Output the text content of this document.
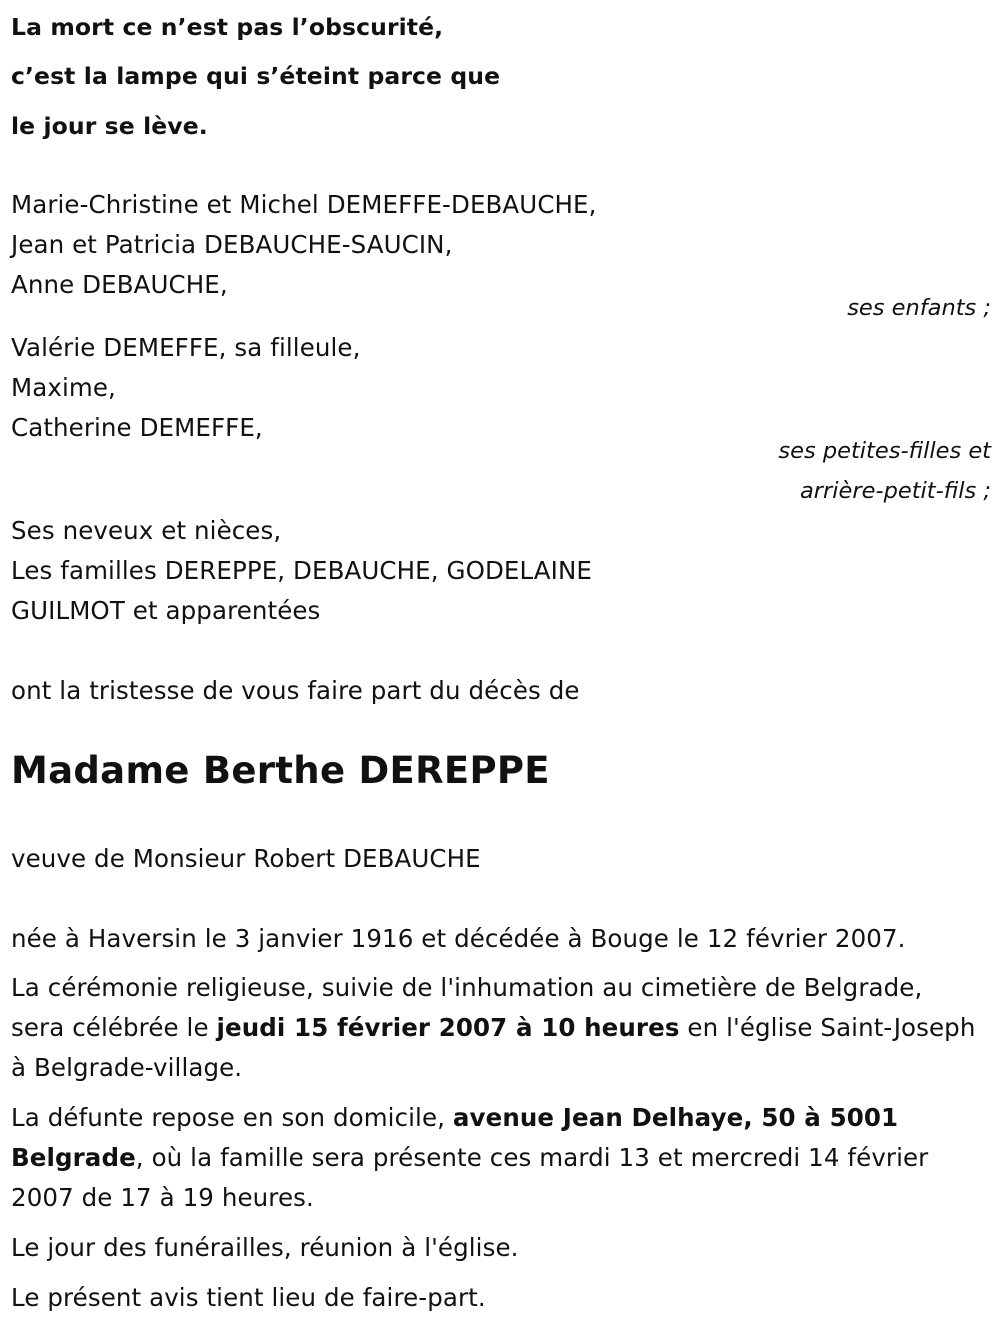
La mort ce n’est pas l’obscurité,
c’est la lampe qui s’éteint parce que
le jour se lève.
Marie-Christine et Michel DEMEFFE-DEBAUCHE,
Jean et Patricia DEBAUCHE-SAUCIN,
Anne DEBAUCHE,
ses enfants ;
Valérie DEMEFFE, sa filleule,
Maxime,
Catherine DEMEFFE,
ses petites-filles et
arrière-petit-fils ;
Ses neveux et nièces,
Les familles DEREPPE, DEBAUCHE, GODELAINE
GUILMOT et apparentées
ont la tristesse de vous faire part du décès de
Madame Berthe DEREPPE
veuve de Monsieur Robert DEBAUCHE
née à Haversin le 3 janvier 1916 et décédée à Bouge le 12 février 2007.
La cérémonie religieuse, suivie de l'inhumation au cimetière de Belgrade,
sera célébrée le jeudi 15 février 2007 à 10 heures en l'église Saint-Joseph
à Belgrade-village.
La défunte repose en son domicile, avenue Jean Delhaye, 50 à 5001
Belgrade, où la famille sera présente ces mardi 13 et mercredi 14 février
2007 de 17 à 19 heures.
Le jour des funérailles, réunion à l'église.
Le présent avis tient lieu de faire-part.
